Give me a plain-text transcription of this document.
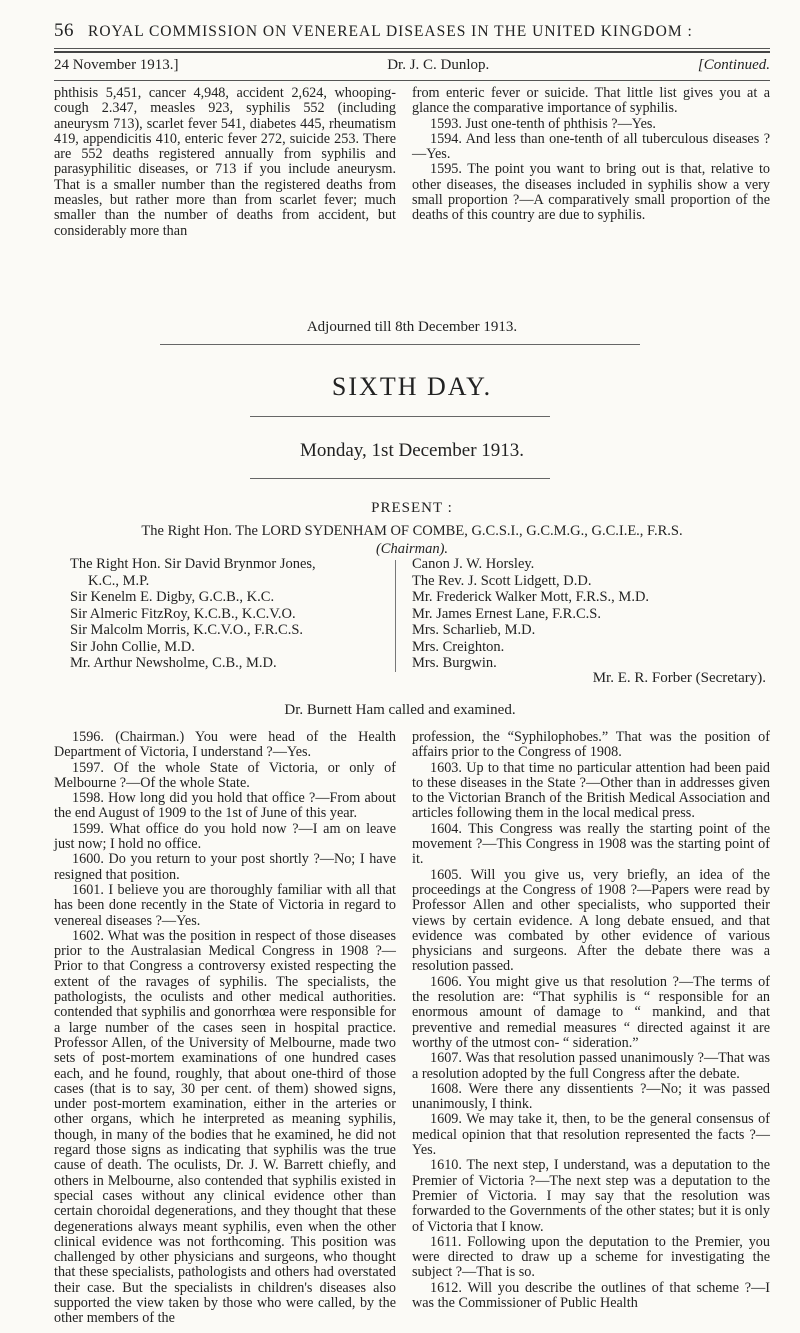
56 ROYAL COMMISSION ON VENEREAL DISEASES IN THE UNITED KINGDOM :
24 November 1913.]	Dr. J. C. Dunlop.	[Continued.

phthisis 5,451, cancer 4,948, accident 2,624, whooping-cough 2.347, measles 923, syphilis 552 (including aneurysm 713), scarlet fever 541, diabetes 445, rheumatism 419, appendicitis 410, enteric fever 272, suicide 253. There are 552 deaths registered annually from syphilis and parasyphilitic diseases, or 713 if you include aneurysm. That is a smaller number than the registered deaths from measles, but rather more than from scarlet fever; much smaller than the number of deaths from accident, but considerably more than

from enteric fever or suicide. That little list gives you at a glance the comparative importance of syphilis.

1593. Just one-tenth of phthisis ?—Yes.

1594. And less than one-tenth of all tuberculous diseases ?—Yes.

1595. The point you want to bring out is that, relative to other diseases, the diseases included in syphilis show a very small proportion ?—A comparatively small proportion of the deaths of this country are due to syphilis.

Adjourned till 8th December 1913.
SIXTH DAY.
Monday, 1st December 1913.
PRESENT :
The Right Hon. The LORD SYDENHAM OF COMBE, G.C.S.I., G.C.M.G., G.C.I.E., F.R.S.
(Chairman).
The Right Hon. Sir David Brynmor Jones,
K.C., M.P.
Sir Kenelm E. Digby, G.C.B., K.C.
Sir Almeric FitzRoy, K.C.B., K.C.V.O.
Sir Malcolm Morris, K.C.V.O., F.R.C.S.
Sir John Collie, M.D.
Mr. Arthur Newsholme, C.B., M.D.
Canon J. W. Horsley.
The Rev. J. Scott Lidgett, D.D.
Mr. Frederick Walker Mott, F.R.S., M.D.
Mr. James Ernest Lane, F.R.C.S.
Mrs. Scharlieb, M.D.
Mrs. Creighton.
Mrs. Burgwin.
Mr. E. R. Forber (Secretary).
Dr. Burnett Ham called and examined.

1596. (Chairman.) You were head of the Health Department of Victoria, I understand ?—Yes.

1597. Of the whole State of Victoria, or only of Melbourne ?—Of the whole State.

1598. How long did you hold that office ?—From about the end August of 1909 to the 1st of June of this year.

1599. What office do you hold now ?—I am on leave just now; I hold no office.

1600. Do you return to your post shortly ?—No; I have resigned that position.

1601. I believe you are thoroughly familiar with all that has been done recently in the State of Victoria in regard to venereal diseases ?—Yes.

1602. What was the position in respect of those diseases prior to the Australasian Medical Congress in 1908 ?—Prior to that Congress a controversy existed respecting the extent of the ravages of syphilis. The specialists, the pathologists, the oculists and other medical authorities. contended that syphilis and gonorrhœa were responsible for a large number of the cases seen in hospital practice. Professor Allen, of the University of Melbourne, made two sets of post-mortem examinations of one hundred cases each, and he found, roughly, that about one-third of those cases (that is to say, 30 per cent. of them) showed signs, under post-mortem examination, either in the arteries or other organs, which he interpreted as meaning syphilis, though, in many of the bodies that he examined, he did not regard those signs as indicating that syphilis was the true cause of death. The oculists, Dr. J. W. Barrett chiefly, and others in Melbourne, also contended that syphilis existed in special cases without any clinical evidence other than certain choroidal degenerations, and they thought that these degenerations always meant syphilis, even when the other clinical evidence was not forthcoming. This position was challenged by other physicians and surgeons, who thought that these specialists, pathologists and others had overstated their case. But the specialists in children's diseases also supported the view taken by those who were called, by the other members of the

profession, the “Syphilophobes.” That was the position of affairs prior to the Congress of 1908.

1603. Up to that time no particular attention had been paid to these diseases in the State ?—Other than in addresses given to the Victorian Branch of the British Medical Association and articles following them in the local medical press.

1604. This Congress was really the starting point of the movement ?—This Congress in 1908 was the starting point of it.

1605. Will you give us, very briefly, an idea of the proceedings at the Congress of 1908 ?—Papers were read by Professor Allen and other specialists, who supported their views by certain evidence. A long debate ensued, and that evidence was combated by other evidence of various physicians and surgeons. After the debate there was a resolution passed.

1606. You might give us that resolution ?—The terms of the resolution are: “That syphilis is “ responsible for an enormous amount of damage to “ mankind, and that preventive and remedial measures “ directed against it are worthy of the utmost con- “ sideration.”

1607. Was that resolution passed unanimously ?—That was a resolution adopted by the full Congress after the debate.

1608. Were there any dissentients ?—No; it was passed unanimously, I think.

1609. We may take it, then, to be the general consensus of medical opinion that that resolution represented the facts ?—Yes.

1610. The next step, I understand, was a deputation to the Premier of Victoria ?—The next step was a deputation to the Premier of Victoria. I may say that the resolution was forwarded to the Governments of the other states; but it is only of Victoria that I know.

1611. Following upon the deputation to the Premier, you were directed to draw up a scheme for investigating the subject ?—That is so.

1612. Will you describe the outlines of that scheme ?—I was the Commissioner of Public Health
